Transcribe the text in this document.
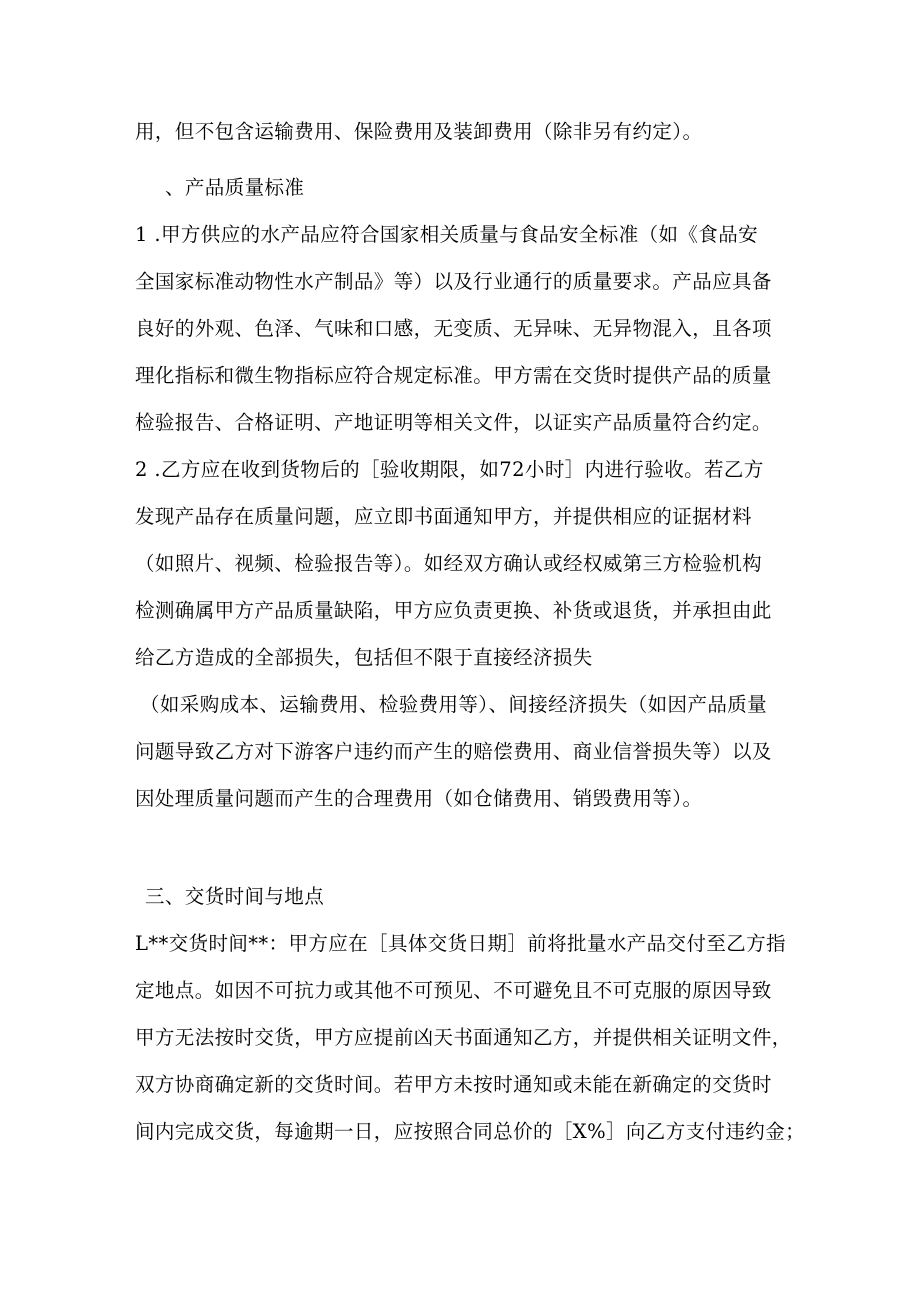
用，但不包含运输费用、保险费用及装卸费用（除非另有约定）。
、产品质量标准
1 .甲方供应的水产品应符合国家相关质量与食品安全标准（如《食品安
全国家标准动物性水产制品》等）以及行业通行的质量要求。产品应具备
良好的外观、色泽、气味和口感，无变质、无异味、无异物混入，且各项
理化指标和微生物指标应符合规定标准。甲方需在交货时提供产品的质量
检验报告、合格证明、产地证明等相关文件，以证实产品质量符合约定。
2 .乙方应在收到货物后的［验收期限，如72小时］内进行验收。若乙方
发现产品存在质量问题，应立即书面通知甲方，并提供相应的证据材料
（如照片、视频、检验报告等）。如经双方确认或经权威第三方检验机构
检测确属甲方产品质量缺陷，甲方应负责更换、补货或退货，并承担由此
给乙方造成的全部损失，包括但不限于直接经济损失
（如采购成本、运输费用、检验费用等）、间接经济损失（如因产品质量
问题导致乙方对下游客户违约而产生的赔偿费用、商业信誉损失等）以及
因处理质量问题而产生的合理费用（如仓储费用、销毁费用等）。
三、交货时间与地点
L**交货时间**：甲方应在［具体交货日期］前将批量水产品交付至乙方指
定地点。如因不可抗力或其他不可预见、不可避免且不可克服的原因导致
甲方无法按时交货，甲方应提前凶天书面通知乙方，并提供相关证明文件，
双方协商确定新的交货时间。若甲方未按时通知或未能在新确定的交货时
间内完成交货，每逾期一日，应按照合同总价的［X%］向乙方支付违约金；
